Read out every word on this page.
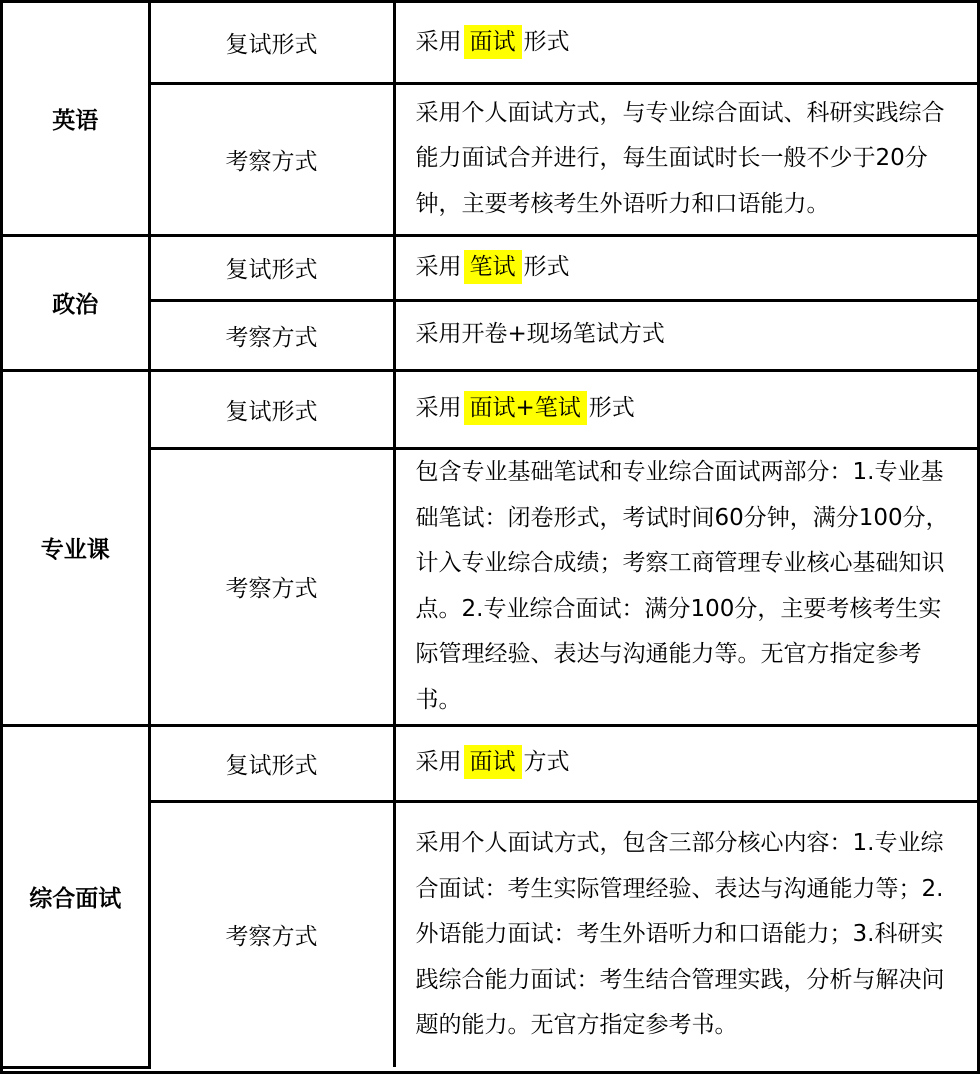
英语	复试形式	采用 面试 形式
	考察方式	采用个人面试方式，与专业综合面试、科研实践综合能力面试合并进行，每生面试时长一般不少于20分钟，主要考核考生外语听力和口语能力。
政治	复试形式	采用 笔试 形式
	考察方式	采用开卷+现场笔试方式
专业课	复试形式	采用 面试+笔试 形式
	考察方式	包含专业基础笔试和专业综合面试两部分：1.专业基础笔试：闭卷形式，考试时间60分钟，满分100分，计入专业综合成绩；考察工商管理专业核心基础知识点。2.专业综合面试：满分100分，主要考核考生实际管理经验、表达与沟通能力等。无官方指定参考书。
综合面试	复试形式	采用 面试 方式
	考察方式	采用个人面试方式，包含三部分核心内容：1.专业综合面试：考生实际管理经验、表达与沟通能力等；2.外语能力面试：考生外语听力和口语能力；3.科研实践综合能力面试：考生结合管理实践，分析与解决问题的能力。无官方指定参考书。
